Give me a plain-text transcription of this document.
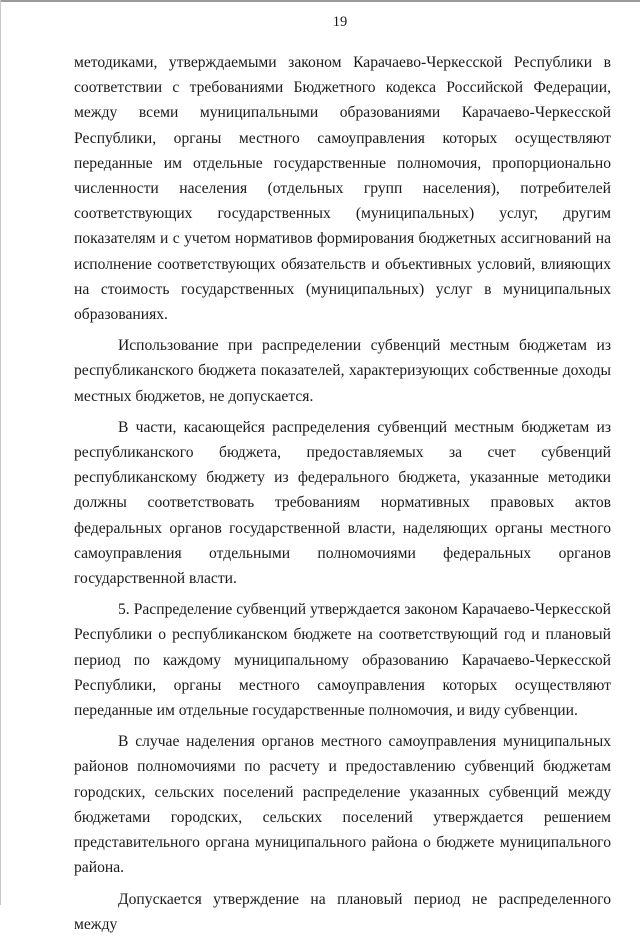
19

методиками, утверждаемыми законом Карачаево-Черкесской Республики в соответствии с требованиями Бюджетного кодекса Российской Федерации, между всеми муниципальными образованиями Карачаево-Черкесской Республики, органы местного самоуправления которых осуществляют переданные им отдельные государственные полномочия, пропорционально численности населения (отдельных групп населения), потребителей соответствующих государственных (муниципальных) услуг, другим показателям и с учетом нормативов формирования бюджетных ассигнований на исполнение соответствующих обязательств и объективных условий, влияющих на стоимость государственных (муниципальных) услуг в муниципальных образованиях.

Использование при распределении субвенций местным бюджетам из республиканского бюджета показателей, характеризующих собственные доходы местных бюджетов, не допускается.

В части, касающейся распределения субвенций местным бюджетам из республиканского бюджета, предоставляемых за счет субвенций республиканскому бюджету из федерального бюджета, указанные методики должны соответствовать требованиям нормативных правовых актов федеральных органов государственной власти, наделяющих органы местного самоуправления отдельными полномочиями федеральных органов государственной власти.

5. Распределение субвенций утверждается законом Карачаево-Черкесской Республики о республиканском бюджете на соответствующий год и плановый период по каждому муниципальному образованию Карачаево-Черкесской Республики, органы местного самоуправления которых осуществляют переданные им отдельные государственные полномочия, и виду субвенции.

В случае наделения органов местного самоуправления муниципальных районов полномочиями по расчету и предоставлению субвенций бюджетам городских, сельских поселений распределение указанных субвенций между бюджетами городских, сельских поселений утверждается решением представительного органа муниципального района о бюджете муниципального района.

Допускается утверждение на плановый период не распределенного между
